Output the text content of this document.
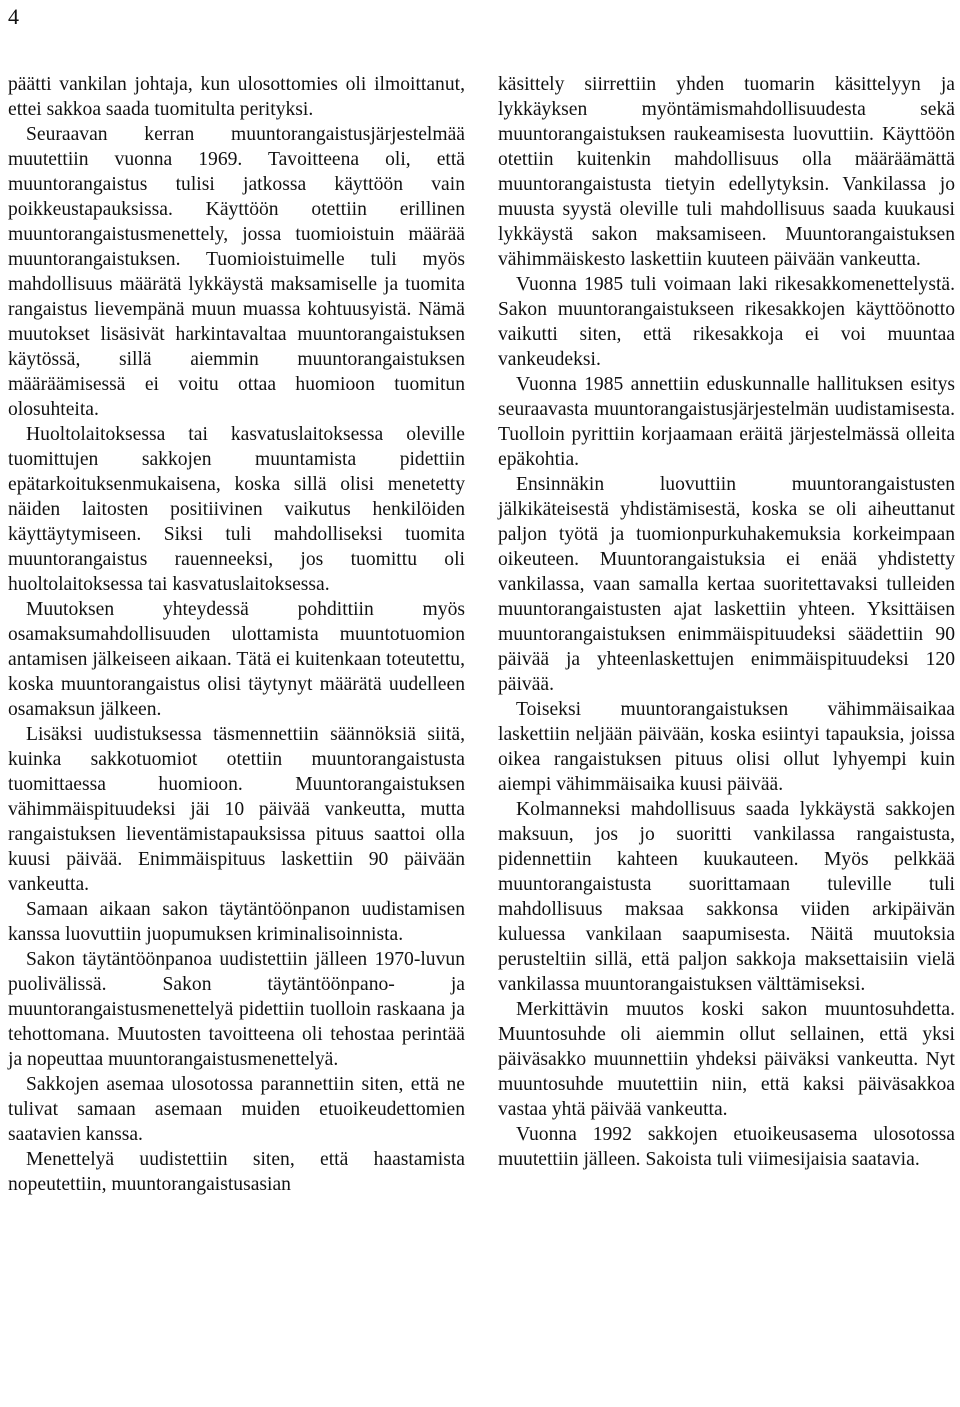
4

päätti vankilan johtaja, kun ulosottomies oli ilmoittanut, ettei sakkoa saada tuomitulta perityksi.

Seuraavan kerran muuntorangaistusjärjestelmää muutettiin vuonna 1969. Tavoitteena oli, että muuntorangaistus tulisi jatkossa käyttöön vain poikkeustapauksissa. Käyttöön otettiin erillinen muuntorangaistusmenettely, jossa tuomioistuin määrää muuntorangaistuksen. Tuomioistuimelle tuli myös mahdollisuus määrätä lykkäystä maksamiselle ja tuomita rangaistus lievempänä muun muassa kohtuusyistä. Nämä muutokset lisäsivät harkintavaltaa muuntorangaistuksen käytössä, sillä aiemmin muuntorangaistuksen määräämisessä ei voitu ottaa huomioon tuomitun olosuhteita.

Huoltolaitoksessa tai kasvatuslaitoksessa oleville tuomittujen sakkojen muuntamista pidettiin epätarkoituksenmukaisena, koska sillä olisi menetetty näiden laitosten positiivinen vaikutus henkilöiden käyttäytymiseen. Siksi tuli mahdolliseksi tuomita muuntorangaistus rauenneeksi, jos tuomittu oli huoltolaitoksessa tai kasvatuslaitoksessa.

Muutoksen yhteydessä pohdittiin myös osamaksumahdollisuuden ulottamista muuntotuomion antamisen jälkeiseen aikaan. Tätä ei kuitenkaan toteutettu, koska muuntorangaistus olisi täytynyt määrätä uudelleen osamaksun jälkeen.

Lisäksi uudistuksessa täsmennettiin säännöksiä siitä, kuinka sakkotuomiot otettiin muuntorangaistusta tuomittaessa huomioon. Muuntorangaistuksen vähimmäispituudeksi jäi 10 päivää vankeutta, mutta rangaistuksen lieventämistapauksissa pituus saattoi olla kuusi päivää. Enimmäispituus laskettiin 90 päivään vankeutta.

Samaan aikaan sakon täytäntöönpanon uudistamisen kanssa luovuttiin juopumuksen kriminalisoinnista.

Sakon täytäntöönpanoa uudistettiin jälleen 1970-luvun puolivälissä. Sakon täytäntöönpano- ja muuntorangaistusmenettelyä pidettiin tuolloin raskaana ja tehottomana. Muutosten tavoitteena oli tehostaa perintää ja nopeuttaa muuntorangaistusmenettelyä.

Sakkojen asemaa ulosotossa parannettiin siten, että ne tulivat samaan asemaan muiden etuoikeudettomien saatavien kanssa.

Menettelyä uudistettiin siten, että haastamista nopeutettiin, muuntorangaistusasian

käsittely siirrettiin yhden tuomarin käsittelyyn ja lykkäyksen myöntämismahdollisuudesta sekä muuntorangaistuksen raukeamisesta luovuttiin. Käyttöön otettiin kuitenkin mahdollisuus olla määräämättä muuntorangaistusta tietyin edellytyksin. Vankilassa jo muusta syystä oleville tuli mahdollisuus saada kuukausi lykkäystä sakon maksamiseen. Muuntorangaistuksen vähimmäiskesto laskettiin kuuteen päivään vankeutta.

Vuonna 1985 tuli voimaan laki rikesakkomenettelystä. Sakon muuntorangaistukseen rikesakkojen käyttöönotto vaikutti siten, että rikesakkoja ei voi muuntaa vankeudeksi.

Vuonna 1985 annettiin eduskunnalle hallituksen esitys seuraavasta muuntorangaistusjärjestelmän uudistamisesta. Tuolloin pyrittiin korjaamaan eräitä järjestelmässä olleita epäkohtia.

Ensinnäkin luovuttiin muuntorangaistusten jälkikäteisestä yhdistämisestä, koska se oli aiheuttanut paljon työtä ja tuomionpurkuhakemuksia korkeimpaan oikeuteen. Muuntorangaistuksia ei enää yhdistetty vankilassa, vaan samalla kertaa suoritettavaksi tulleiden muuntorangaistusten ajat laskettiin yhteen. Yksittäisen muuntorangaistuksen enimmäispituudeksi säädettiin 90 päivää ja yhteenlaskettujen enimmäispituudeksi 120 päivää.

Toiseksi muuntorangaistuksen vähimmäisaikaa laskettiin neljään päivään, koska esiintyi tapauksia, joissa oikea rangaistuksen pituus olisi ollut lyhyempi kuin aiempi vähimmäisaika kuusi päivää.

Kolmanneksi mahdollisuus saada lykkäystä sakkojen maksuun, jos jo suoritti vankilassa rangaistusta, pidennettiin kahteen kuukauteen. Myös pelkkää muuntorangaistusta suorittamaan tuleville tuli mahdollisuus maksaa sakkonsa viiden arkipäivän kuluessa vankilaan saapumisesta. Näitä muutoksia perusteltiin sillä, että paljon sakkoja maksettaisiin vielä vankilassa muuntorangaistuksen välttämiseksi.

Merkittävin muutos koski sakon muuntosuhdetta. Muuntosuhde oli aiemmin ollut sellainen, että yksi päiväsakko muunnettiin yhdeksi päiväksi vankeutta. Nyt muuntosuhde muutettiin niin, että kaksi päiväsakkoa vastaa yhtä päivää vankeutta.

Vuonna 1992 sakkojen etuoikeusasema ulosotossa muutettiin jälleen. Sakoista tuli viimesijaisia saatavia.
